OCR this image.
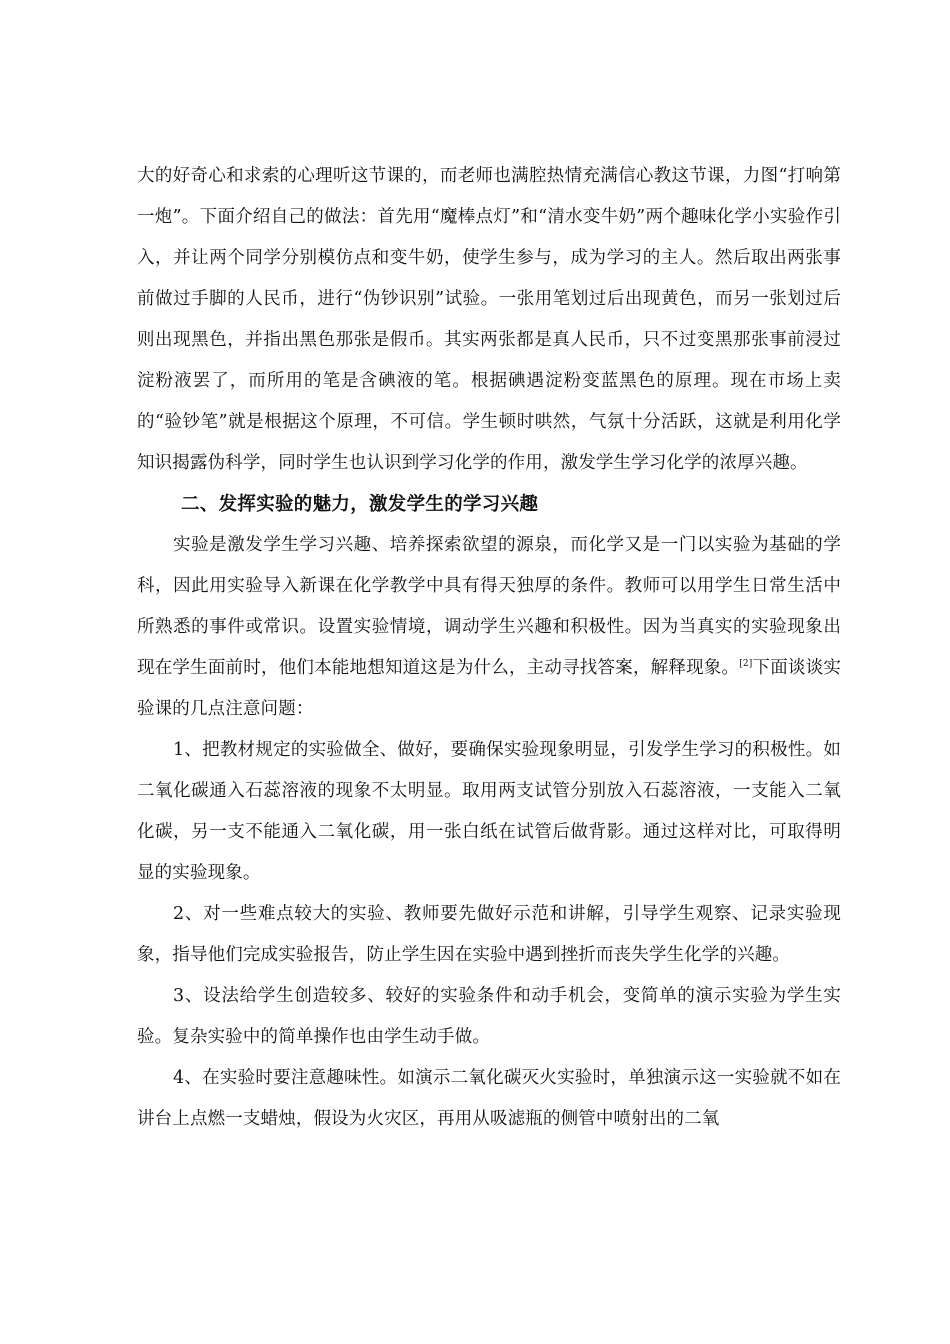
大的好奇心和求索的心理听这节课的，而老师也满腔热情充满信心教这节课，力图“打响第一炮”。下面介绍自己的做法：首先用“魔棒点灯”和“清水变牛奶”两个趣味化学小实验作引入，并让两个同学分别模仿点和变牛奶，使学生参与，成为学习的主人。然后取出两张事前做过手脚的人民币，进行“伪钞识别”试验。一张用笔划过后出现黄色，而另一张划过后则出现黑色，并指出黑色那张是假币。其实两张都是真人民币，只不过变黑那张事前浸过淀粉液罢了，而所用的笔是含碘液的笔。根据碘遇淀粉变蓝黑色的原理。现在市场上卖的“验钞笔”就是根据这个原理，不可信。学生顿时哄然，气氛十分活跃，这就是利用化学知识揭露伪科学，同时学生也认识到学习化学的作用，激发学生学习化学的浓厚兴趣。

二、发挥实验的魅力，激发学生的学习兴趣

实验是激发学生学习兴趣、培养探索欲望的源泉，而化学又是一门以实验为基础的学科，因此用实验导入新课在化学教学中具有得天独厚的条件。教师可以用学生日常生活中所熟悉的事件或常识。设置实验情境，调动学生兴趣和积极性。因为当真实的实验现象出现在学生面前时，他们本能地想知道这是为什么，主动寻找答案，解释现象。[2]下面谈谈实验课的几点注意问题：

1、把教材规定的实验做全、做好，要确保实验现象明显，引发学生学习的积极性。如二氧化碳通入石蕊溶液的现象不太明显。取用两支试管分别放入石蕊溶液，一支能入二氧化碳，另一支不能通入二氧化碳，用一张白纸在试管后做背影。通过这样对比，可取得明显的实验现象。

2、对一些难点较大的实验、教师要先做好示范和讲解，引导学生观察、记录实验现象，指导他们完成实验报告，防止学生因在实验中遇到挫折而丧失学生化学的兴趣。

3、设法给学生创造较多、较好的实验条件和动手机会，变简单的演示实验为学生实验。复杂实验中的简单操作也由学生动手做。

4、在实验时要注意趣味性。如演示二氧化碳灭火实验时，单独演示这一实验就不如在讲台上点燃一支蜡烛，假设为火灾区，再用从吸滤瓶的侧管中喷射出的二氧
